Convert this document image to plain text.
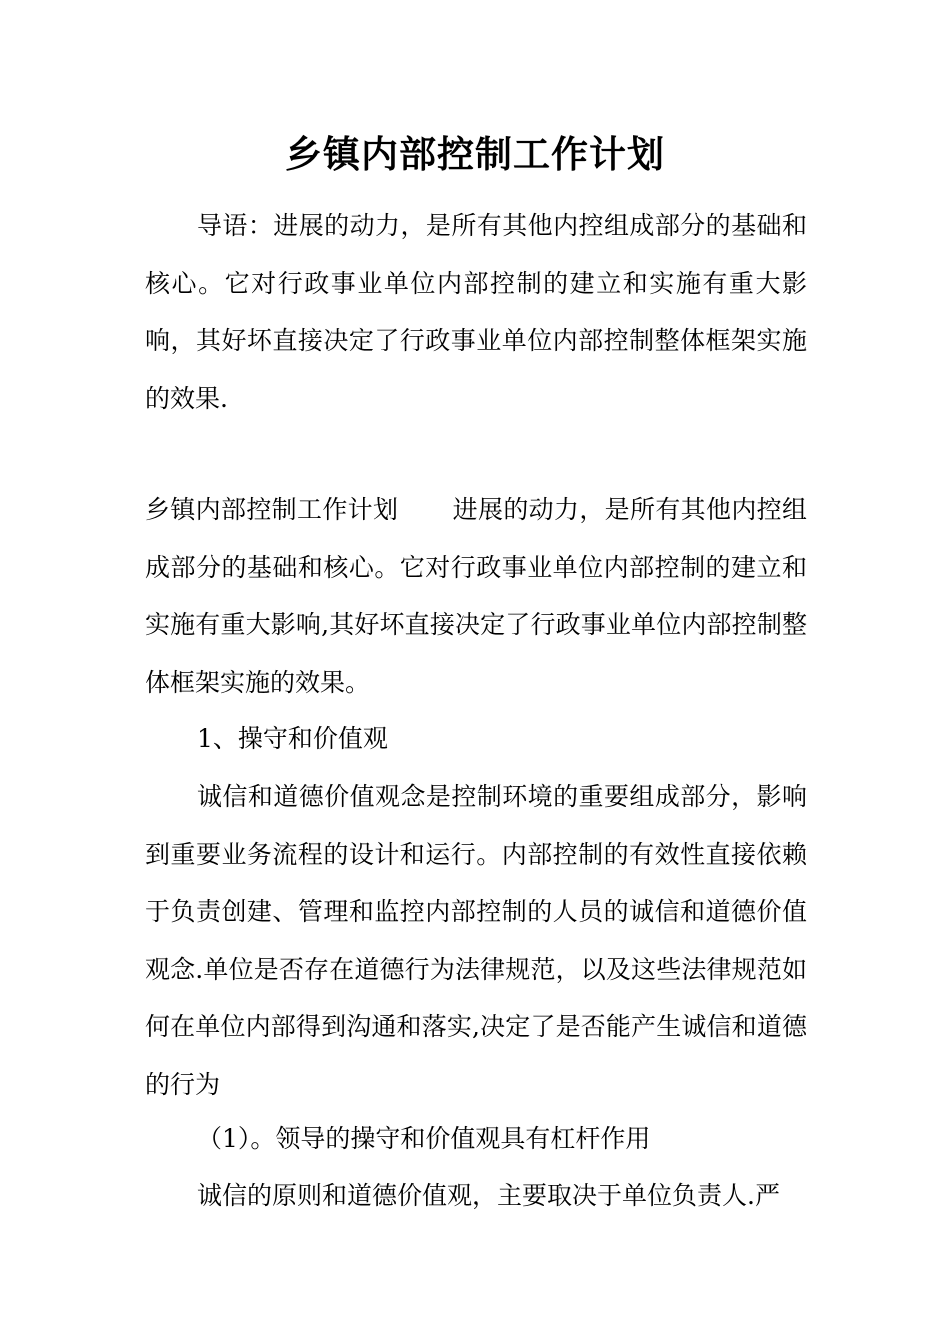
乡镇内部控制工作计划

导语：进展的动力，是所有其他内控组成部分的基础和核心。它对行政事业单位内部控制的建立和实施有重大影响，其好坏直接决定了行政事业单位内部控制整体框架实施的效果.

乡镇内部控制工作计划 进展的动力，是所有其他内控组成部分的基础和核心。它对行政事业单位内部控制的建立和实施有重大影响,其好坏直接决定了行政事业单位内部控制整体框架实施的效果。

1、操守和价值观

诚信和道德价值观念是控制环境的重要组成部分，影响到重要业务流程的设计和运行。内部控制的有效性直接依赖于负责创建、管理和监控内部控制的人员的诚信和道德价值观念.单位是否存在道德行为法律规范，以及这些法律规范如何在单位内部得到沟通和落实,决定了是否能产生诚信和道德的行为

（1）。领导的操守和价值观具有杠杆作用

诚信的原则和道德价值观，主要取决于单位负责人.严
